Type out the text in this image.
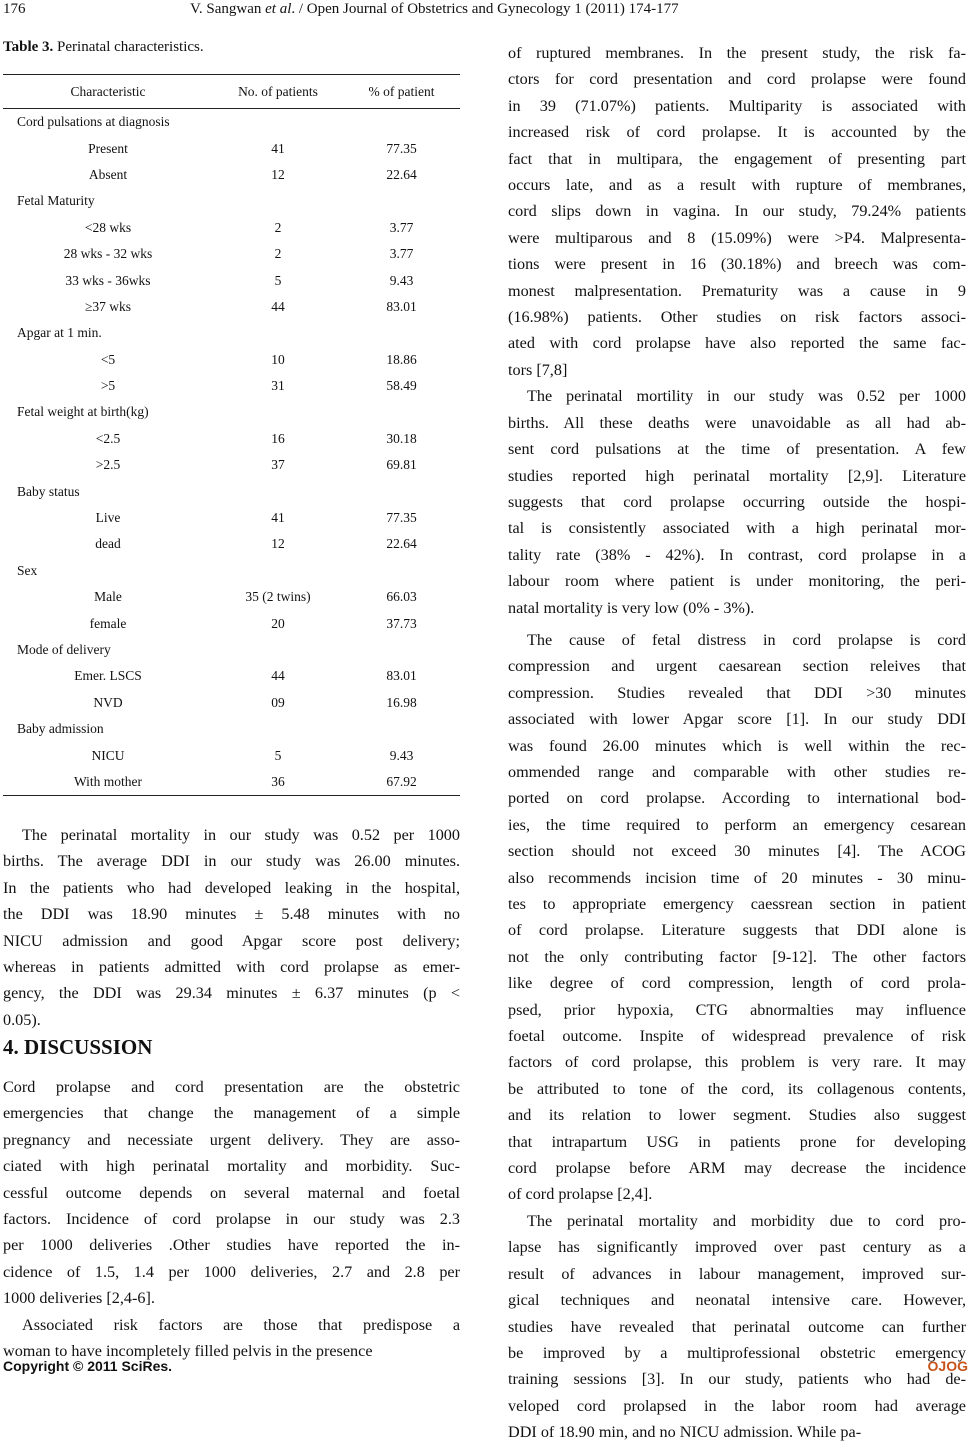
176	V. Sangwan et al. / Open Journal of Obstetrics and Gynecology 1 (2011) 174-177

Table 3. Perinatal characteristics.

Characteristic	No. of patients	% of patient
Cord pulsations at diagnosis		
Present	41	77.35
Absent	12	22.64
Fetal Maturity		
<28 wks	2	3.77
28 wks - 32 wks	2	3.77
33 wks - 36wks	5	9.43
≥37 wks	44	83.01
Apgar at 1 min.		
<5	10	18.86
>5	31	58.49
Fetal weight at birth(kg)		
<2.5	16	30.18
>2.5	37	69.81
Baby status		
Live	41	77.35
dead	12	22.64
Sex		
Male	35 (2 twins)	66.03
female	20	37.73
Mode of delivery		
Emer. LSCS	44	83.01
NVD	09	16.98
Baby admission		
NICU	5	9.43
With mother	36	67.92

The perinatal mortality in our study was 0.52 per 1000
births. The average DDI in our study was 26.00 minutes.
In the patients who had developed leaking in the hospital,
the DDI was 18.90 minutes ± 5.48 minutes with no
NICU admission and good Apgar score post delivery;
whereas in patients admitted with cord prolapse as emer-
gency, the DDI was 29.34 minutes ± 6.37 minutes (p <
0.05).

4. DISCUSSION

Cord prolapse and cord presentation are the obstetric
emergencies that change the management of a simple
pregnancy and necessiate urgent delivery. They are asso-
ciated with high perinatal mortality and morbidity. Suc-
cessful outcome depends on several maternal and foetal
factors. Incidence of cord prolapse in our study was 2.3
per 1000 deliveries .Other studies have reported the in-
cidence of 1.5, 1.4 per 1000 deliveries, 2.7 and 2.8 per
1000 deliveries [2,4-6].

Associated risk factors are those that predispose a
woman to have incompletely filled pelvis in the presence

of ruptured membranes. In the present study, the risk fa-
ctors for cord presentation and cord prolapse were found
in 39 (71.07%) patients. Multiparity is associated with
increased risk of cord prolapse. It is accounted by the
fact that in multipara, the engagement of presenting part
occurs late, and as a result with rupture of membranes,
cord slips down in vagina. In our study, 79.24% patients
were multiparous and 8 (15.09%) were >P4. Malpresenta-
tions were present in 16 (30.18%) and breech was com-
monest malpresentation. Prematurity was a cause in 9
(16.98%) patients. Other studies on risk factors associ-
ated with cord prolapse have also reported the same fac-
tors [7,8]

The perinatal mortility in our study was 0.52 per 1000
births. All these deaths were unavoidable as all had ab-
sent cord pulsations at the time of presentation. A few
studies reported high perinatal mortality [2,9]. Literature
suggests that cord prolapse occurring outside the hospi-
tal is consistently associated with a high perinatal mor-
tality rate (38% - 42%). In contrast, cord prolapse in a
labour room where patient is under monitoring, the peri-
natal mortality is very low (0% - 3%).

The cause of fetal distress in cord prolapse is cord
compression and urgent caesarean section releives that
compression. Studies revealed that DDI >30 minutes
associated with lower Apgar score [1]. In our study DDI
was found 26.00 minutes which is well within the rec-
ommended range and comparable with other studies re-
ported on cord prolapse. According to international bod-
ies, the time required to perform an emergency cesarean
section should not exceed 30 minutes [4]. The ACOG
also recommends incision time of 20 minutes - 30 minu-
tes to appropriate emergency caessrean section in patient
of cord prolapse. Literature suggests that DDI alone is
not the only contributing factor [9-12]. The other factors
like degree of cord compression, length of cord prola-
psed, prior hypoxia, CTG abnormalties may influence
foetal outcome. Inspite of widespread prevalence of risk
factors of cord prolapse, this problem is very rare. It may
be attributed to tone of the cord, its collagenous contents,
and its relation to lower segment. Studies also suggest
that intrapartum USG in patients prone for developing
cord prolapse before ARM may decrease the incidence
of cord prolapse [2,4].

The perinatal mortality and morbidity due to cord pro-
lapse has significantly improved over past century as a
result of advances in labour management, improved sur-
gical techniques and neonatal intensive care. However,
studies have revealed that perinatal outcome can further
be improved by a multiprofessional obstetric emergency
training sessions [3]. In our study, patients who had de-
veloped cord prolapsed in the labor room had average
DDI of 18.90 min, and no NICU admission. While pa-

Copyright © 2011 SciRes.	OJOG
